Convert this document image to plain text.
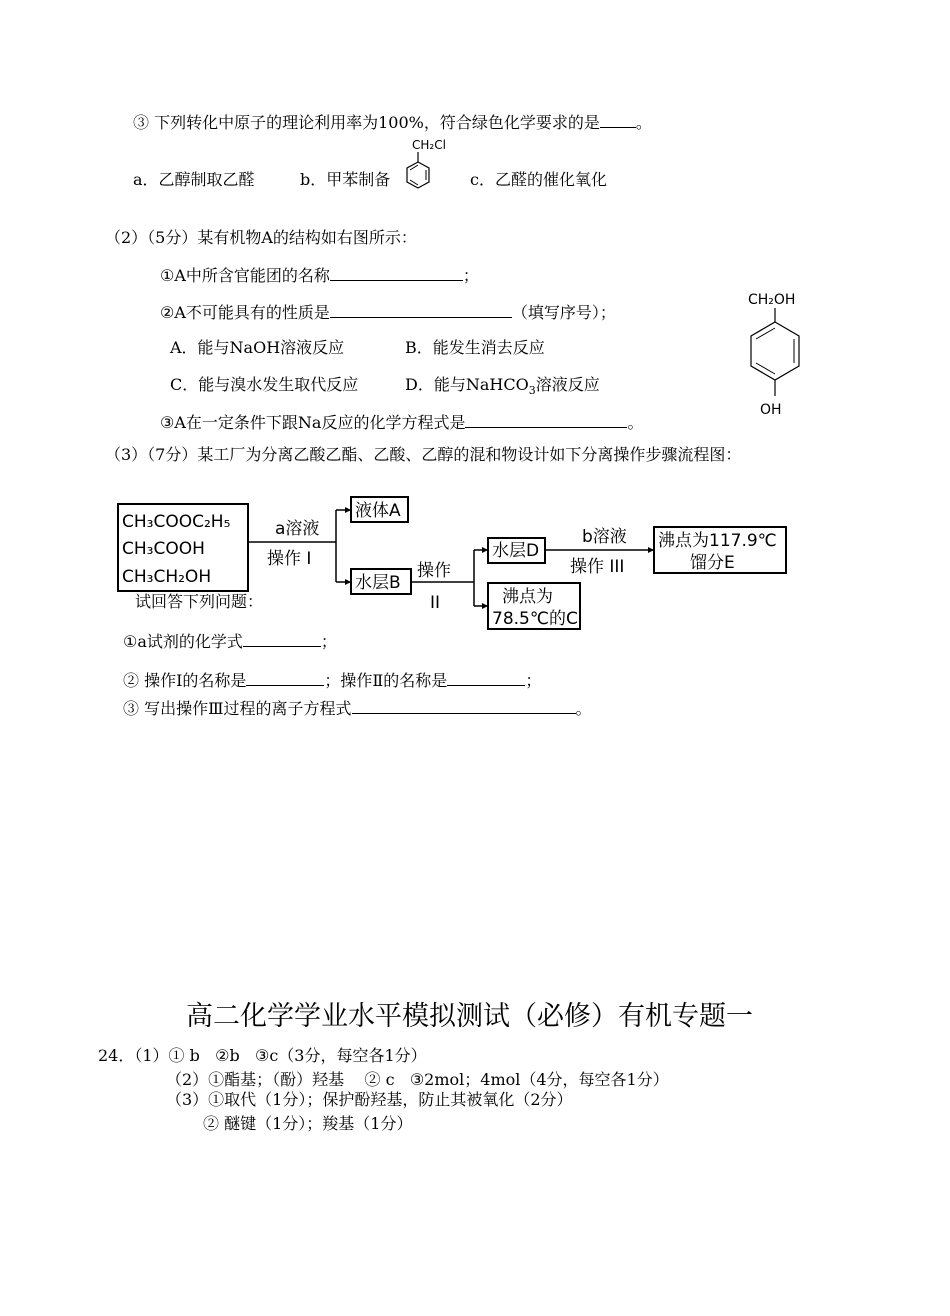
③ 下列转化中原子的理论利用率为100%，符合绿色化学要求的是 。
a．乙醇制取乙醛	b．甲苯制备
CH₂Cl
c．乙醛的催化氧化
（2）（5分）某有机物A的结构如右图所示：
①A中所含官能团的名称	；
②A不可能具有的性质是	（填写序号）；
A．能与NaOH溶液反应	B．能发生消去反应
C．能与溴水发生取代反应	D．能与NaHCO$_3$溶液反应
③A在一定条件下跟Na反应的化学方程式是	。
CH₂OH
OH
（3）（7分）某工厂为分离乙酸乙酯、乙酸、乙醇的混和物设计如下分离操作步骤流程图：
CH₃COOC₂H₅
CH₃COOH
CH₃CH₂OH
a溶液
操作 I
液体A
水层B
操作
II
水层D
b溶液
操作 III
沸点为117.9℃
馏分E
沸点为
78.5℃的C
试回答下列问题：
①a试剂的化学式	；
② 操作Ⅰ的名称是	；操作Ⅱ的名称是	；
③ 写出操作Ⅲ过程的离子方程式	。
高二化学学业水平模拟测试（必修）有机专题一
24．（1）① b   ②b   ③c（3分，每空各1分）
（2）①酯基；（酚）羟基    ② c   ③2mol；4mol（4分，每空各1分）
（3）①取代（1分）；保护酚羟基，防止其被氧化（2分）
② 醚键（1分）；羧基（1分）
